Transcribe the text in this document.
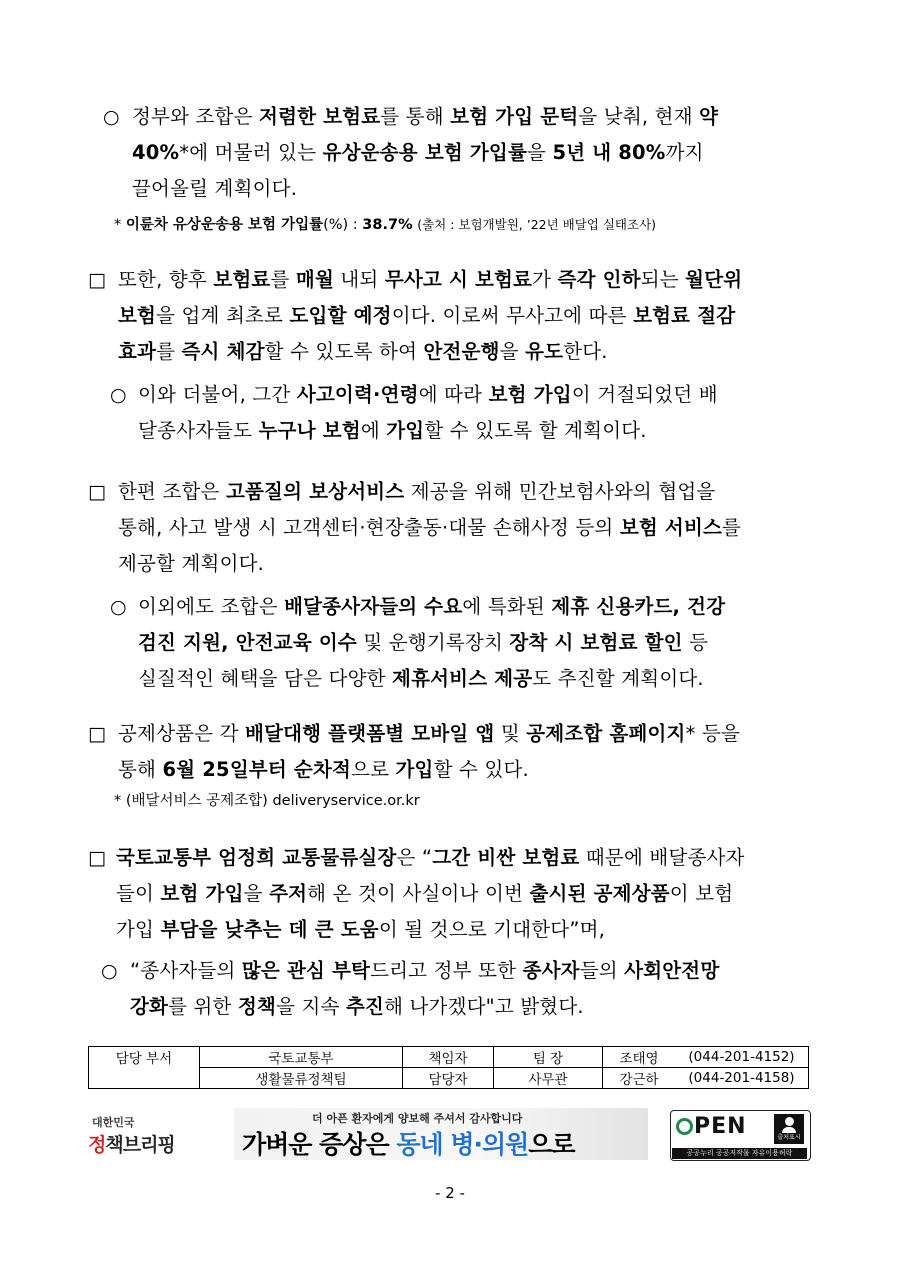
○ 정부와 조합은 저렴한 보험료를 통해 보험 가입 문턱을 낮춰, 현재 약
40%*에 머물러 있는 유상운송용 보험 가입률을 5년 내 80%까지
끌어올릴 계획이다.
* 이륜차 유상운송용 보험 가입률(%) : 38.7% (출처 : 보험개발원, ’22년 배달업 실태조사)
□ 또한, 향후 보험료를 매월 내되 무사고 시 보험료가 즉각 인하되는 월단위
보험을 업계 최초로 도입할 예정이다. 이로써 무사고에 따른 보험료 절감
효과를 즉시 체감할 수 있도록 하여 안전운행을 유도한다.
○ 이와 더불어, 그간 사고이력·연령에 따라 보험 가입이 거절되었던 배
달종사자들도 누구나 보험에 가입할 수 있도록 할 계획이다.
□ 한편 조합은 고품질의 보상서비스 제공을 위해 민간보험사와의 협업을
통해, 사고 발생 시 고객센터·현장출동·대물 손해사정 등의 보험 서비스를
제공할 계획이다.
○ 이외에도 조합은 배달종사자들의 수요에 특화된 제휴 신용카드, 건강
검진 지원, 안전교육 이수 및 운행기록장치 장착 시 보험료 할인 등
실질적인 혜택을 담은 다양한 제휴서비스 제공도 추진할 계획이다.
□ 공제상품은 각 배달대행 플랫폼별 모바일 앱 및 공제조합 홈페이지* 등을
통해 6월 25일부터 순차적으로 가입할 수 있다.
* (배달서비스 공제조합) deliveryservice.or.kr
□ 국토교통부 엄정희 교통물류실장은 “그간 비싼 보험료 때문에 배달종사자
들이 보험 가입을 주저해 온 것이 사실이나 이번 출시된 공제상품이 보험
가입 부담을 낮추는 데 큰 도움이 될 것으로 기대한다”며,
○ “종사자들의 많은 관심 부탁드리고 정부 또한 종사자들의 사회안전망
강화를 위한 정책을 지속 추진해 나가겠다"고 밝혔다.
담당 부서	국토교통부	책임자	팀 장	조태영	(044-201-4152)
	생활물류정책팀	담당자	사무관	강근하	(044-201-4158)
대한민국
정책브리핑
더 아픈 환자에게 양보해 주셔서 감사합니다
가벼운 증상은 동네 병·의원으로
PEN	출처표시
공공누리 공공저작물 자유이용허락
- 2 -
